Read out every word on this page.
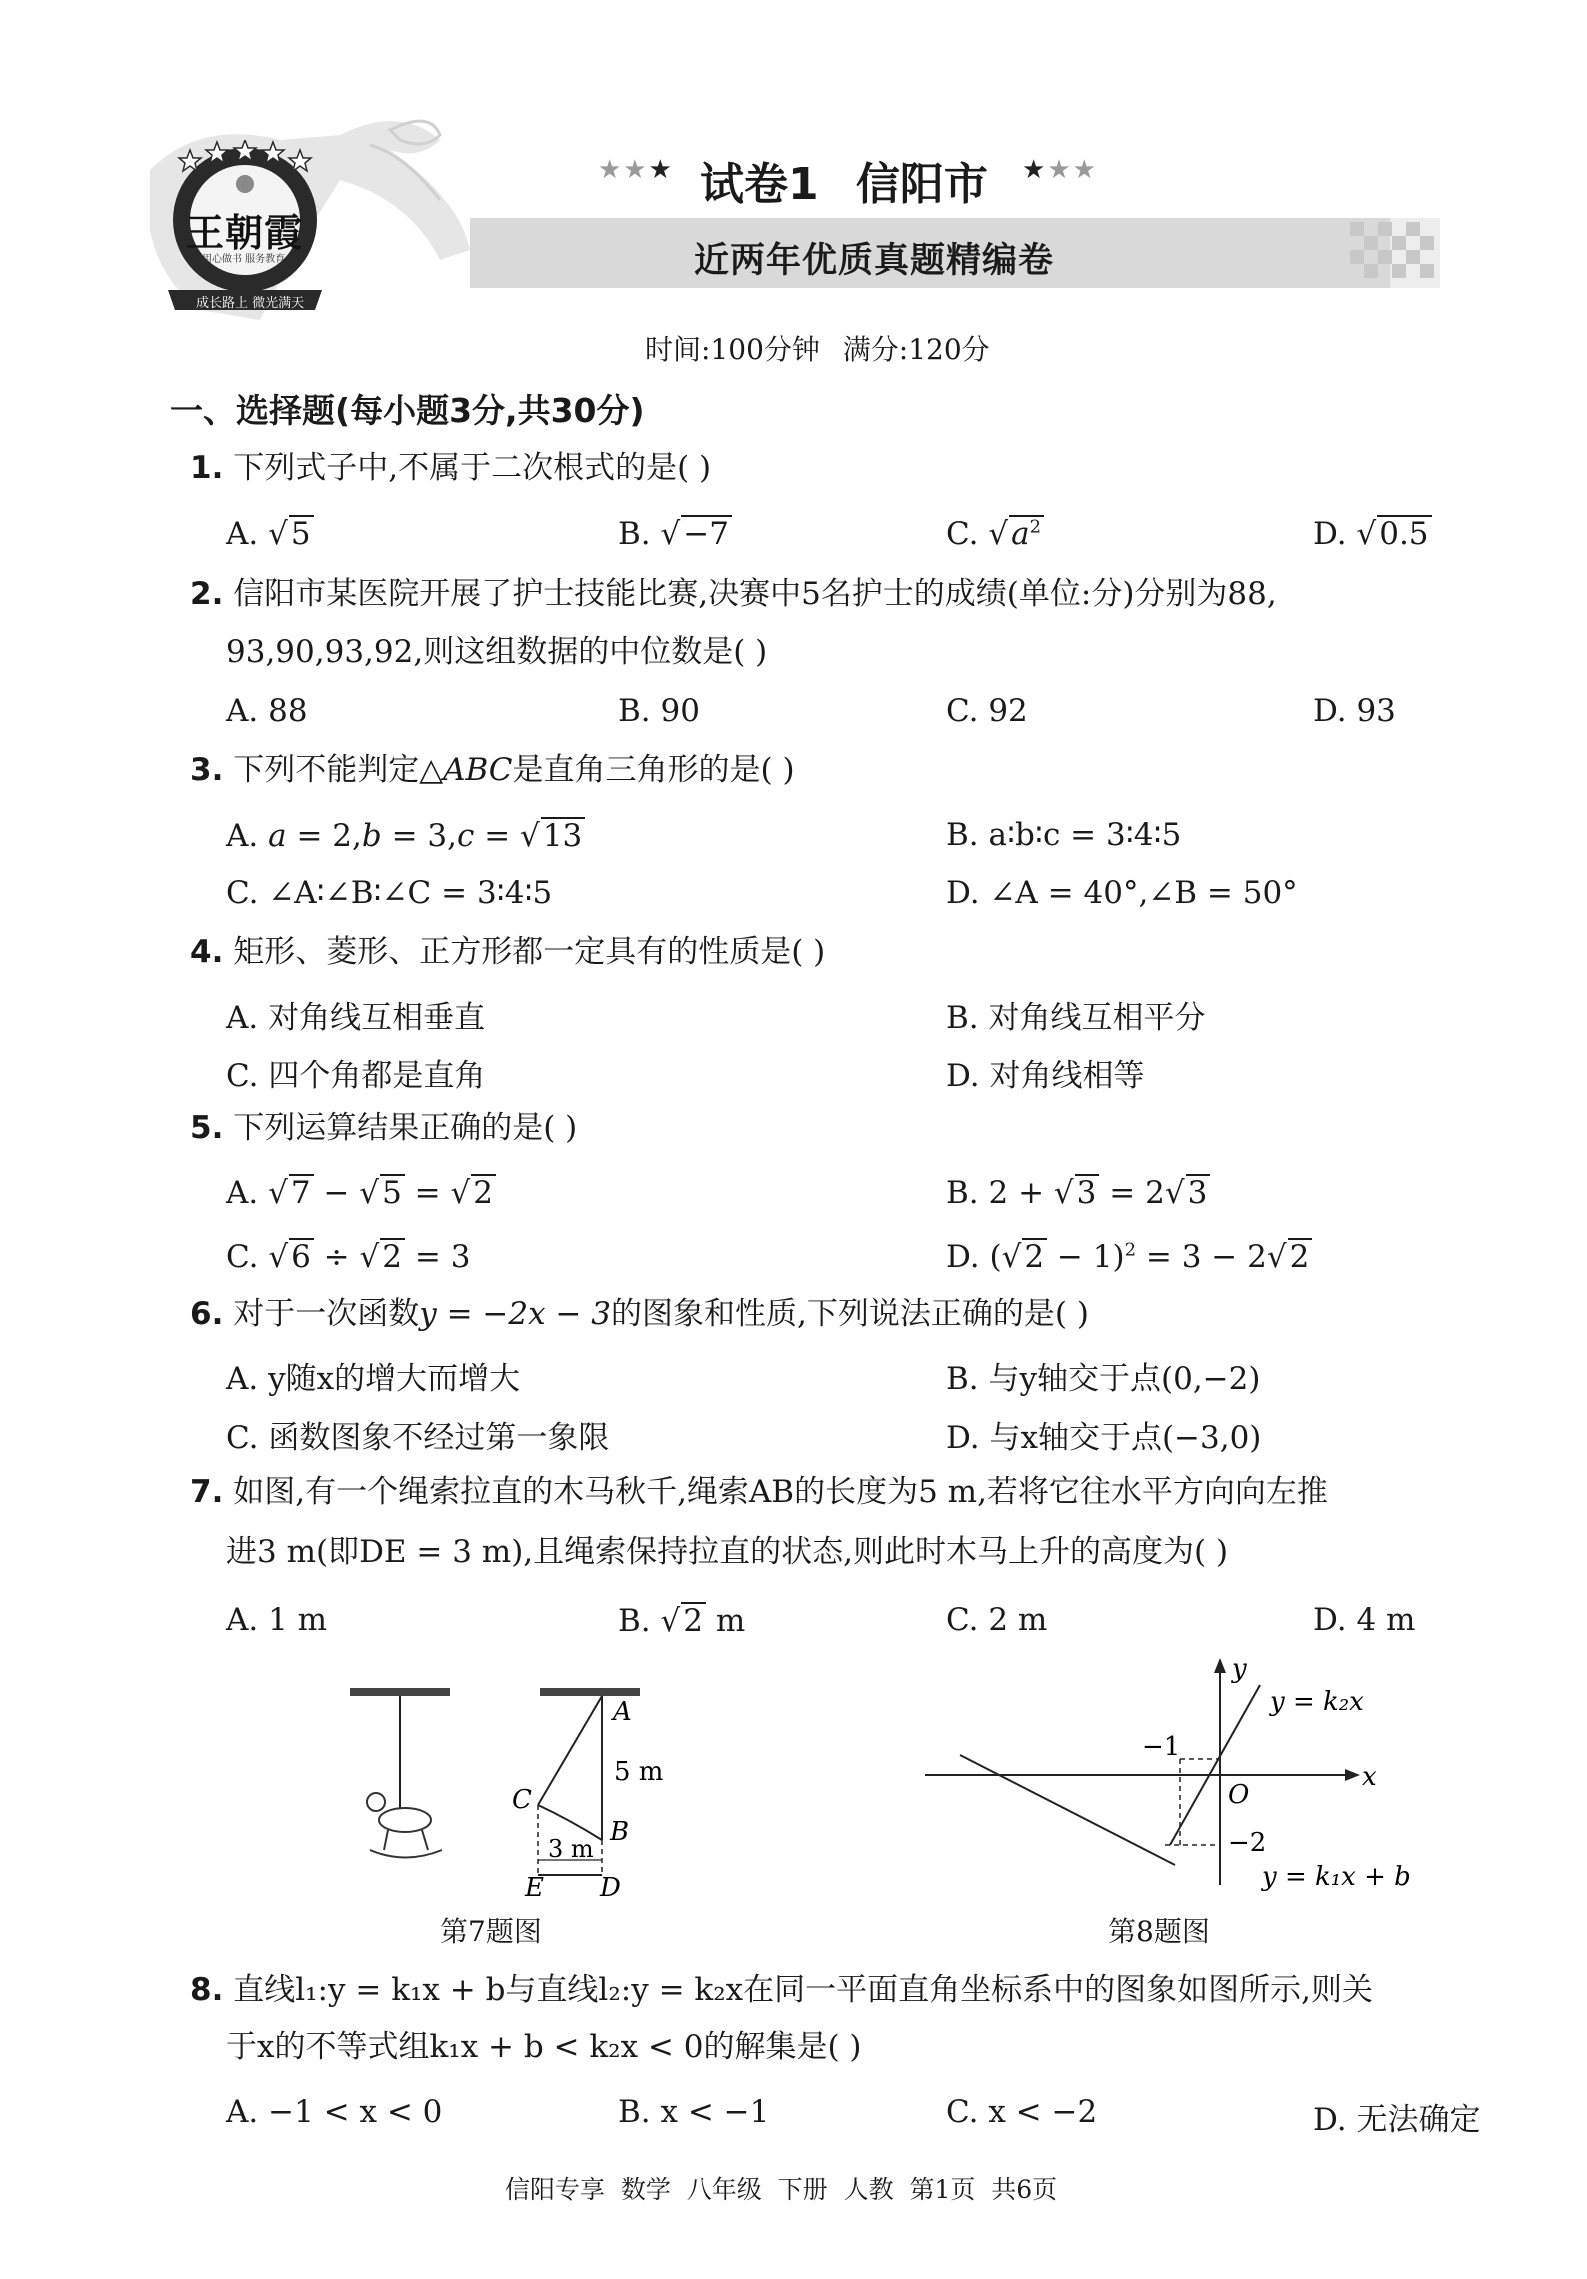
王朝霞
用心做书 服务教育
成长路上 微光满天
★★★ 试卷1 信阳市 ★★★
近两年优质真题精编卷
时间:100分钟 满分:120分
一、选择题(每小题3分,共30分)
1. 下列式子中,不属于二次根式的是( )
A. √5	B. √−7	C. $√a^2$	D. √0.5
2. 信阳市某医院开展了护士技能比赛,决赛中5名护士的成绩(单位:分)分别为88,
93,90,93,92,则这组数据的中位数是( )
A. 88	B. 90	C. 92	D. 93
3. 下列不能判定△ABC是直角三角形的是( )
A. a = 2,b = 3,c = √13	B. a∶b∶c = 3∶4∶5
C. ∠A∶∠B∶∠C = 3∶4∶5	D. ∠A = 40°,∠B = 50°
4. 矩形、菱形、正方形都一定具有的性质是( )
A. 对角线互相垂直	B. 对角线互相平分
C. 四个角都是直角	D. 对角线相等
5. 下列运算结果正确的是( )
A. √7 − √5 = √2	B. 2 + √3 = 2√3
C. √6 ÷ √2 = 3	D. $(√2 - 1)^2 = 3 - 2√2$
6. 对于一次函数y = −2x − 3的图象和性质,下列说法正确的是( )
A. y随x的增大而增大	B. 与y轴交于点(0,−2)
C. 函数图象不经过第一象限	D. 与x轴交于点(−3,0)
7. 如图,有一个绳索拉直的木马秋千,绳索AB的长度为5 m,若将它往水平方向向左推
进3 m(即DE = 3 m),且绳索保持拉直的状态,则此时木马上升的高度为( )
A. 1 m	B. √2 m	C. 2 m	D. 4 m
A
5 m
C
B
3 m
E D
第7题图
y
y = k₂x
−1
x
O
−2
y = k₁x + b
第8题图
8. 直线l₁:y = k₁x + b与直线l₂:y = k₂x在同一平面直角坐标系中的图象如图所示,则关
于x的不等式组k₁x + b < k₂x < 0的解集是( )
A. −1 < x < 0	B. x < −1	C. x < −2	D. 无法确定
信阳专享  数学  八年级  下册  人教  第1页  共6页
